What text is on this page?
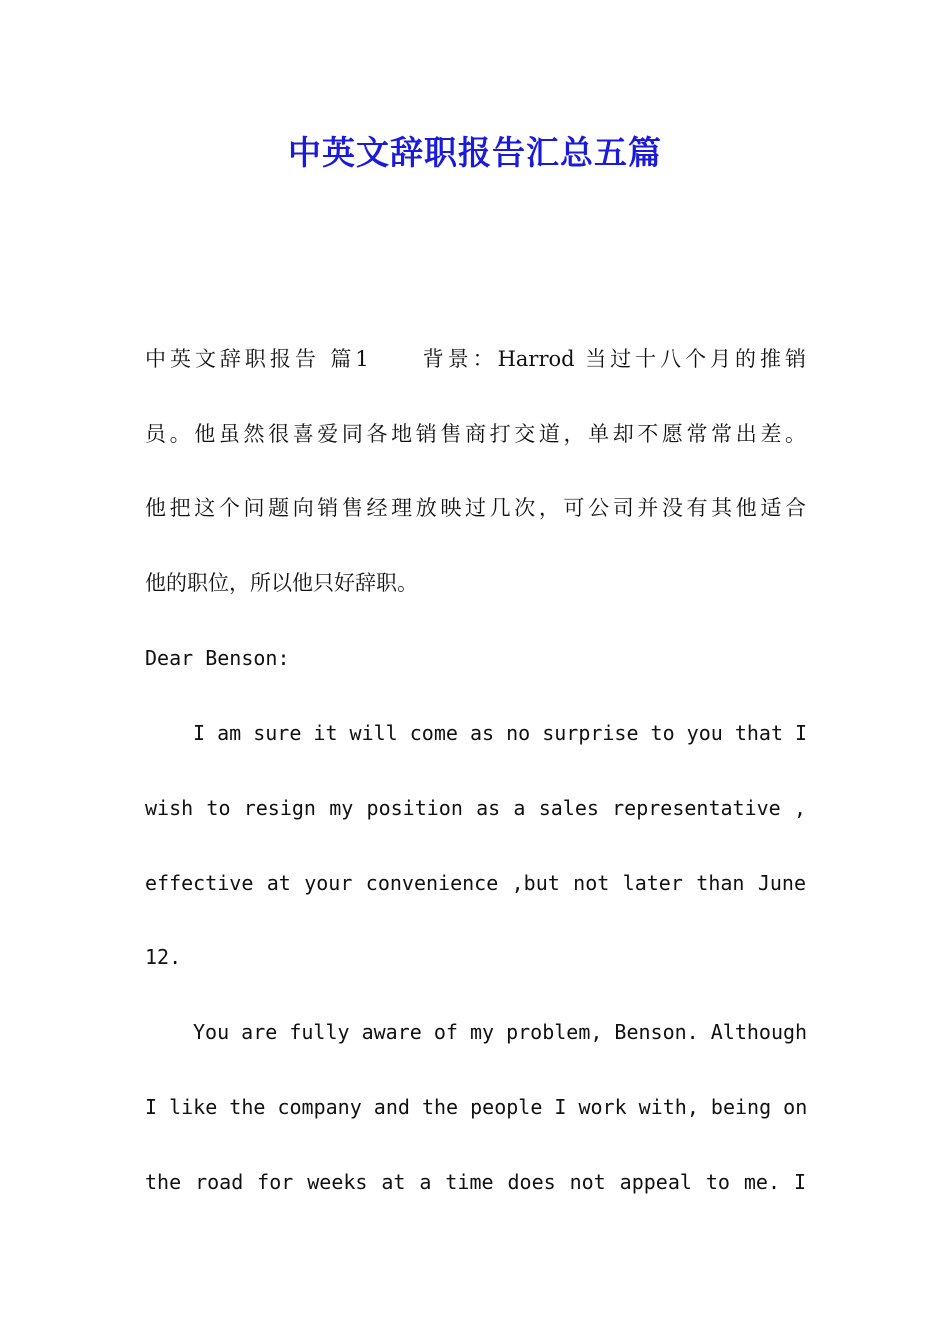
中英文辞职报告汇总五篇
中英文辞职报告 篇1　　背景：Harrod 当过十八个月的推销
员。他虽然很喜爱同各地销售商打交道，单却不愿常常出差。
他把这个问题向销售经理放映过几次，可公司并没有其他适合
他的职位，所以他只好辞职。
Dear Benson:
I am sure it will come as no surprise to you that I
wish to resign my position as a sales representative ,
effective at your convenience ,but not later than June
12.
You are fully aware of my problem, Benson. Although
I like the company and the people I work with, being on
the road for weeks at a time does not appeal to me. I
